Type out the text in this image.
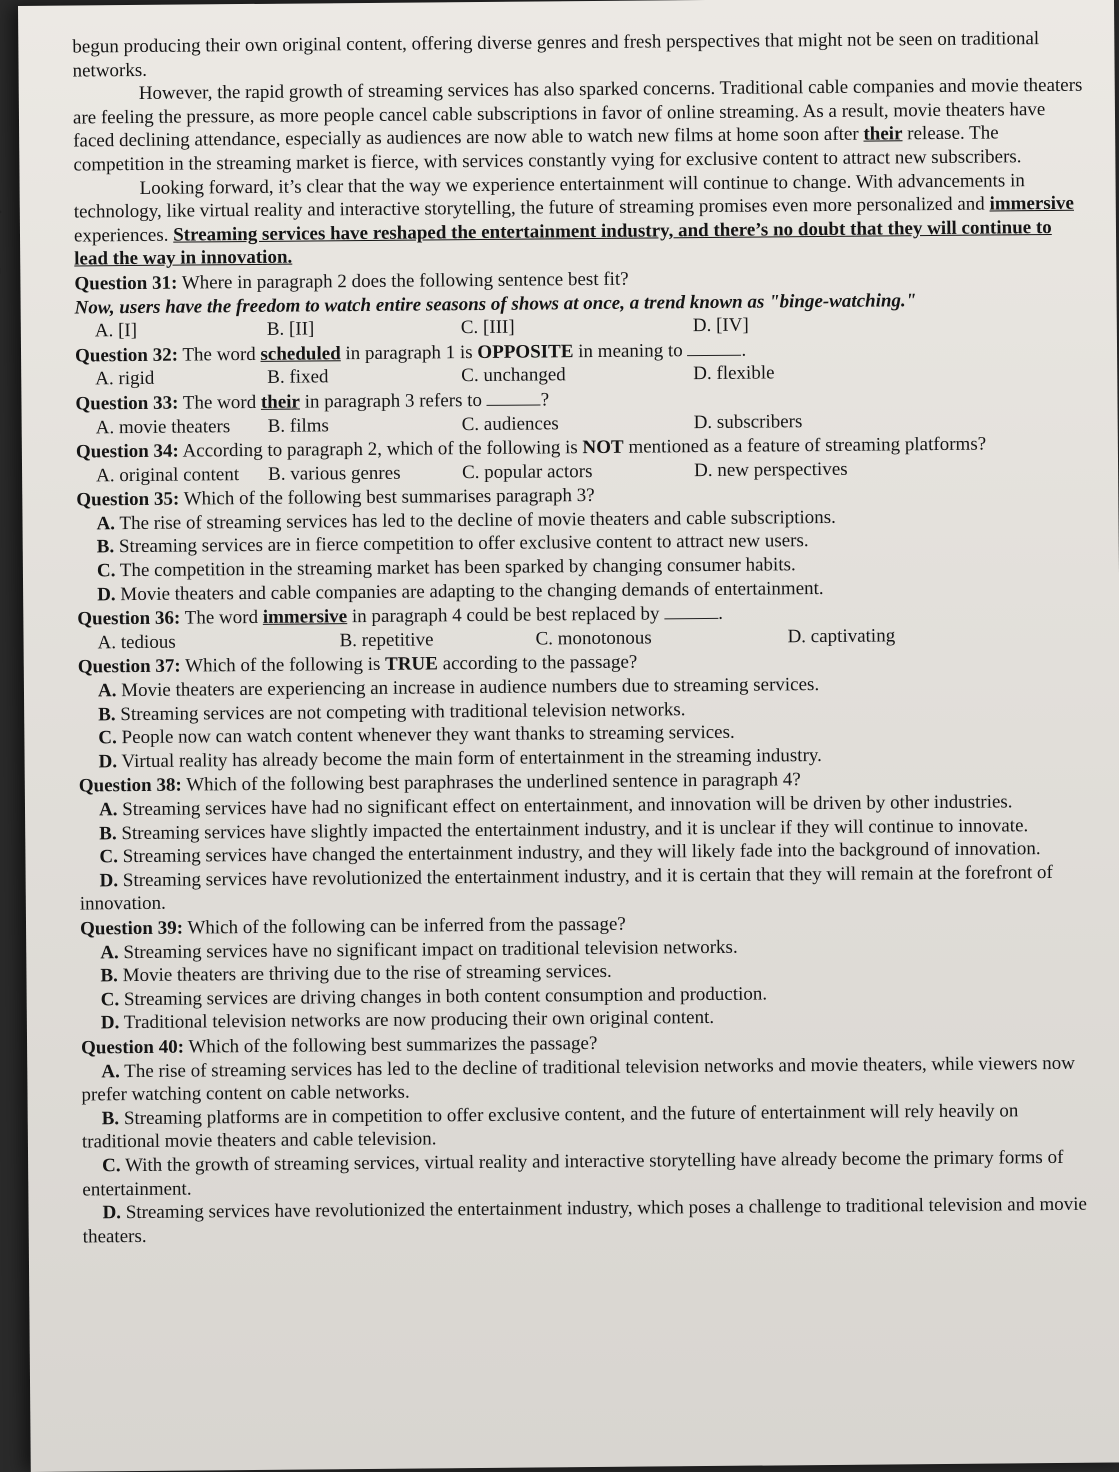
begun producing their own original content, offering diverse genres and fresh perspectives that might not be seen on traditional networks.

However, the rapid growth of streaming services has also sparked concerns. Traditional cable companies and movie theaters are feeling the pressure, as more people cancel cable subscriptions in favor of online streaming. As a result, movie theaters have faced declining attendance, especially as audiences are now able to watch new films at home soon after their release. The competition in the streaming market is fierce, with services constantly vying for exclusive content to attract new subscribers.

Looking forward, it’s clear that the way we experience entertainment will continue to change. With advancements in technology, like virtual reality and interactive storytelling, the future of streaming promises even more personalized and immersive experiences. Streaming services have reshaped the entertainment industry, and there’s no doubt that they will continue to lead the way in innovation.

Question 31: Where in paragraph 2 does the following sentence best fit?

Now, users have the freedom to watch entire seasons of shows at once, a trend known as "binge-watching."

A. [I]	B. [II]	C. [III]	D. [IV]

Question 32: The word scheduled in paragraph 1 is OPPOSITE in meaning to	.

A. rigid	B. fixed	C. unchanged	D. flexible

Question 33: The word their in paragraph 3 refers to	?

A. movie theaters	B. films	C. audiences	D. subscribers

Question 34: According to paragraph 2, which of the following is NOT mentioned as a feature of streaming platforms?

A. original content	B. various genres	C. popular actors	D. new perspectives

Question 35: Which of the following best summarises paragraph 3?

A. The rise of streaming services has led to the decline of movie theaters and cable subscriptions.

B. Streaming services are in fierce competition to offer exclusive content to attract new users.

C. The competition in the streaming market has been sparked by changing consumer habits.

D. Movie theaters and cable companies are adapting to the changing demands of entertainment.

Question 36: The word immersive in paragraph 4 could be best replaced by	.

A. tedious	B. repetitive	C. monotonous	D. captivating

Question 37: Which of the following is TRUE according to the passage?

A. Movie theaters are experiencing an increase in audience numbers due to streaming services.

B. Streaming services are not competing with traditional television networks.

C. People now can watch content whenever they want thanks to streaming services.

D. Virtual reality has already become the main form of entertainment in the streaming industry.

Question 38: Which of the following best paraphrases the underlined sentence in paragraph 4?

A. Streaming services have had no significant effect on entertainment, and innovation will be driven by other industries.

B. Streaming services have slightly impacted the entertainment industry, and it is unclear if they will continue to innovate.

C. Streaming services have changed the entertainment industry, and they will likely fade into the background of innovation.

D. Streaming services have revolutionized the entertainment industry, and it is certain that they will remain at the forefront of innovation.

Question 39: Which of the following can be inferred from the passage?

A. Streaming services have no significant impact on traditional television networks.

B. Movie theaters are thriving due to the rise of streaming services.

C. Streaming services are driving changes in both content consumption and production.

D. Traditional television networks are now producing their own original content.

Question 40: Which of the following best summarizes the passage?

A. The rise of streaming services has led to the decline of traditional television networks and movie theaters, while viewers now prefer watching content on cable networks.

B. Streaming platforms are in competition to offer exclusive content, and the future of entertainment will rely heavily on traditional movie theaters and cable television.

C. With the growth of streaming services, virtual reality and interactive storytelling have already become the primary forms of entertainment.

D. Streaming services have revolutionized the entertainment industry, which poses a challenge to traditional television and movie theaters.
